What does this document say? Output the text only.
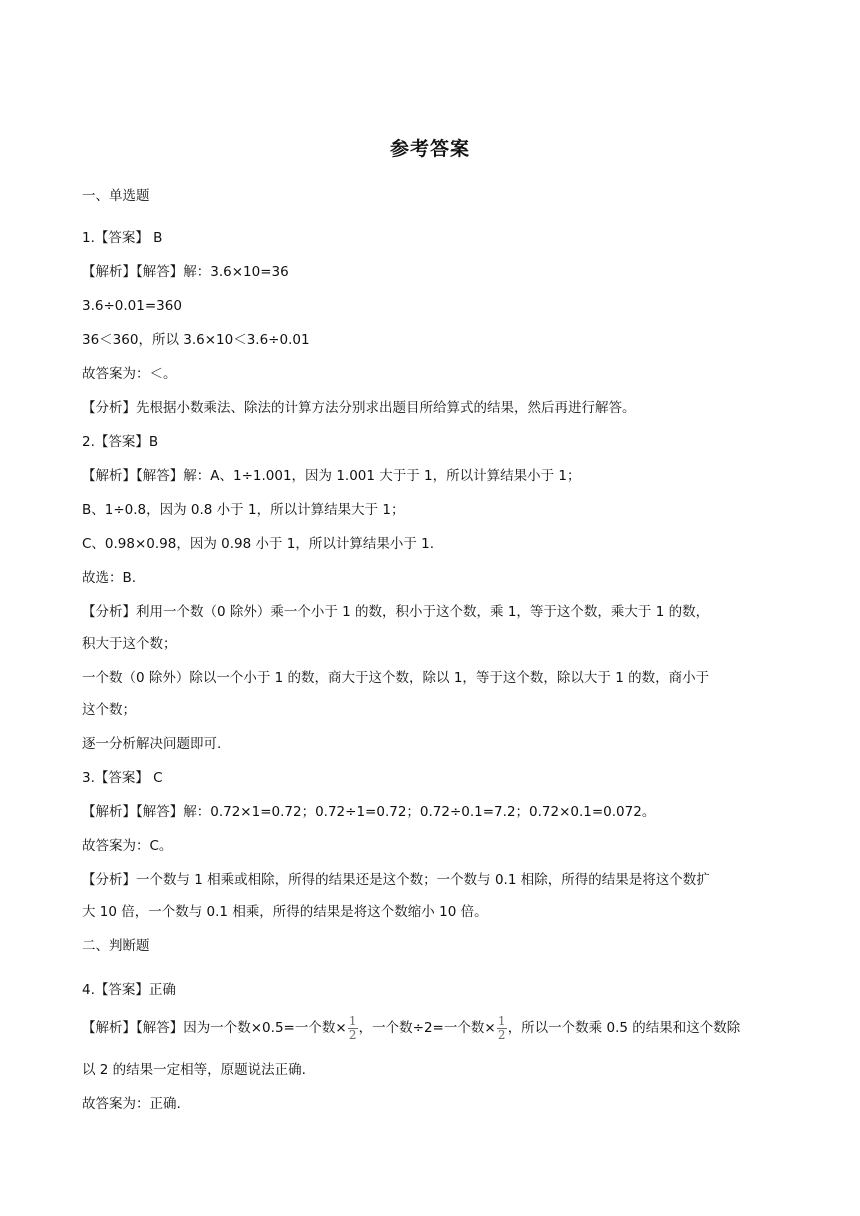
参考答案
一、单选题
1.【答案】 B
【解析】【解答】解：3.6×10=36
3.6÷0.01=360
36＜360，所以 3.6×10＜3.6÷0.01
故答案为：＜。
【分析】先根据小数乘法、除法的计算方法分别求出题目所给算式的结果，然后再进行解答。
2.【答案】B
【解析】【解答】解：A、1÷1.001，因为 1.001 大于于 1，所以计算结果小于 1；
B、1÷0.8，因为 0.8 小于 1，所以计算结果大于 1；
C、0.98×0.98，因为 0.98 小于 1，所以计算结果小于 1.
故选：B.
【分析】利用一个数（0 除外）乘一个小于 1 的数，积小于这个数，乘 1，等于这个数，乘大于 1 的数，
积大于这个数；
一个数（0 除外）除以一个小于 1 的数，商大于这个数，除以 1，等于这个数，除以大于 1 的数，商小于
这个数；
逐一分析解决问题即可.
3.【答案】 C
【解析】【解答】解：0.72×1=0.72；0.72÷1=0.72；0.72÷0.1=7.2；0.72×0.1=0.072。
故答案为：C。
【分析】一个数与 1 相乘或相除，所得的结果还是这个数；一个数与 0.1 相除，所得的结果是将这个数扩
大 10 倍，一个数与 0.1 相乘，所得的结果是将这个数缩小 10 倍。
二、判断题
4.【答案】正确
【解析】【解答】因为一个数×0.5=一个数$\times\frac{1}{2}$，一个数÷2=一个数$\times\frac{1}{2}$，所以一个数乘 0.5 的结果和这个数除
以 2 的结果一定相等，原题说法正确.
故答案为：正确.
